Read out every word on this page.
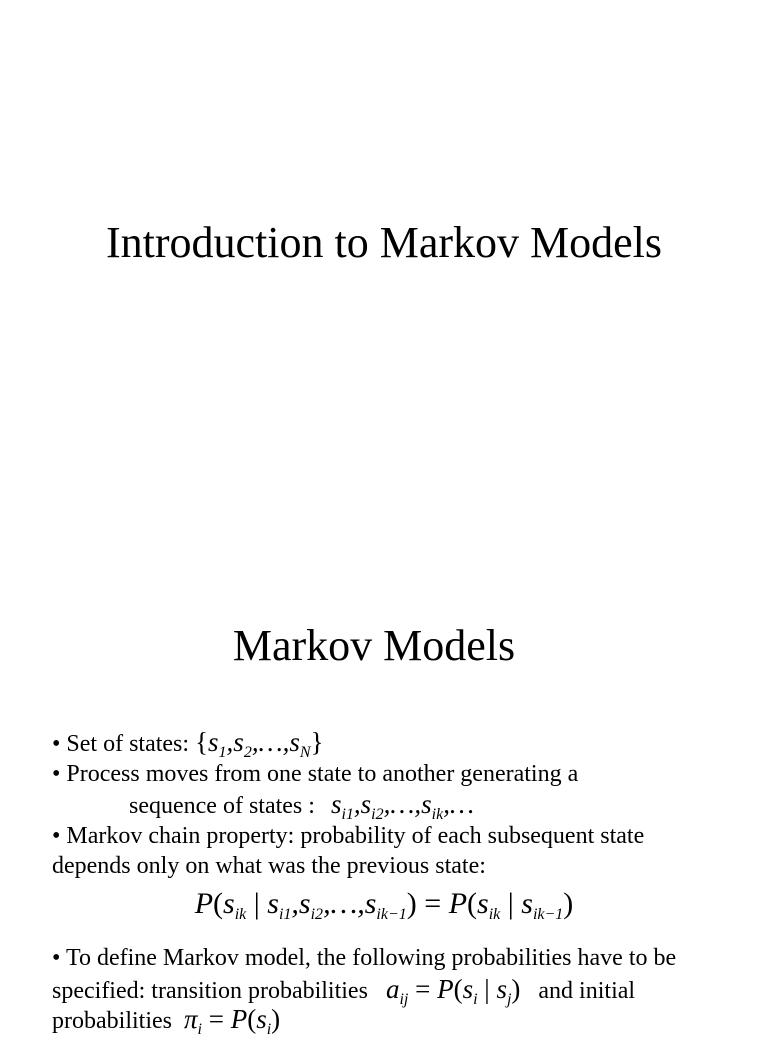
Introduction to Markov Models
Markov Models
• Set of states: $\{s_1,s_2,\dots,s_N\}$
• Process moves from one state to another generating a
sequence of states : $s_{i1},s_{i2},\dots,s_{ik},\dots$
• Markov chain property: probability of each subsequent state
depends only on what was the previous state:
$P(s_{ik}$ | $s_{i1},s_{i2},\dots,s_{ik-1}) = P(s_{ik}$ | $s_{ik-1}$)
• To define Markov model, the following probabilities have to be
specified: transition probabilities $a_{ij} = P(s_i$ | $s_j$) and initial
probabilities $\pi_i = P(s_i)$
